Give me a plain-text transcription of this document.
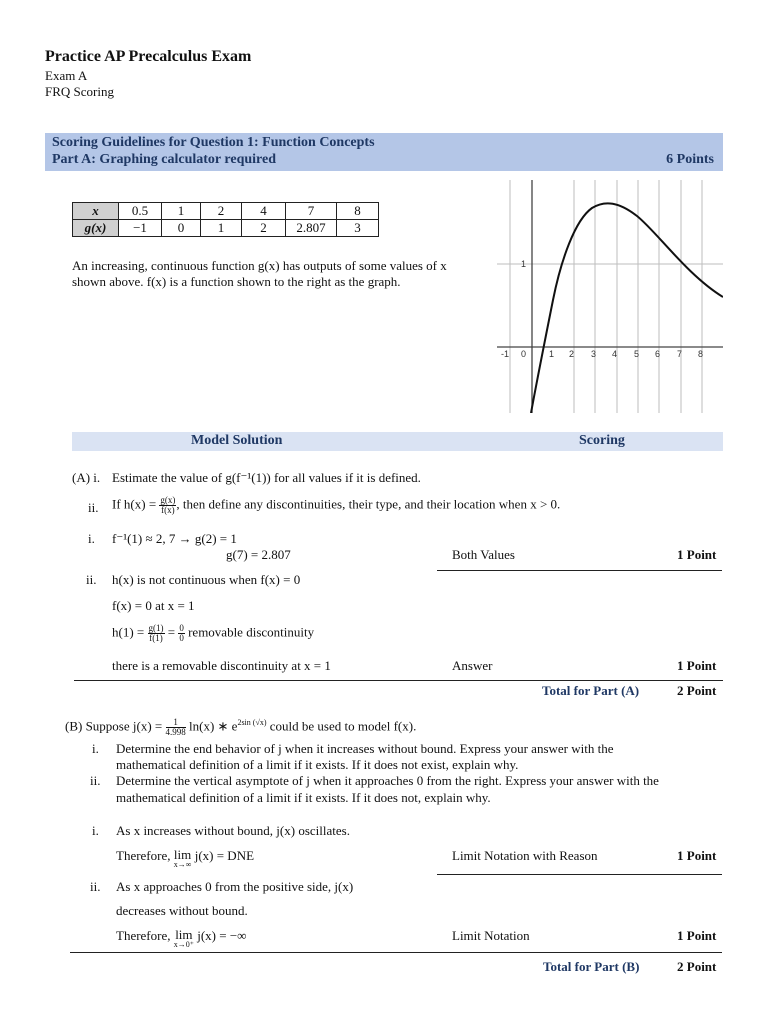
Practice AP Precalculus Exam
Exam A
FRQ Scoring
Scoring Guidelines for Question 1: Function Concepts
Part A: Graphing calculator required	6 Points
x	0.5	1	2	4	7	8
g(x)	−1	0	1	2	2.807	3
An increasing, continuous function g(x) has outputs of some values of x
shown above. f(x) is a function shown to the right as the graph.
-1 0	1 2 3 4 5 6 7 8
1
Model Solution	Scoring
(A) i. Estimate the value of g(f⁻¹(1)) for all values if it is defined.
ii. If $h(x) = \frac{g(x)}{f(x)}$ , then define any discontinuities, their type, and their location when x > 0.
i. f⁻¹(1) ≈ 2, 7 → g(2) = 1
g(7) = 2.807	Both Values	1 Point
ii. h(x) is not continuous when f(x) = 0
f(x) = 0 at x = 1
$h(1) = \frac{g(1)}{f(1)} = \frac{0}{0}$ removable discontinuity
there is a removable discontinuity at x = 1	Answer	1 Point
Total for Part (A)	2 Point
(B) Suppose $j(x) = \frac{1}{4.998} \ln(x)$ ∗ $e^{2sin (√x)}$ could be used to model f(x).
i. Determine the end behavior of j when it increases without bound. Express your answer with the
mathematical definition of a limit if it exists. If it does not exist, explain why.
ii. Determine the vertical asymptote of j when it approaches 0 from the right. Express your answer with the
mathematical definition of a limit if it exists. If it does not, explain why.
i. As x increases without bound, j(x) oscillates.
Therefore, lim
x→∞
j(x) = DNE	Limit Notation with Reason	1 Point
ii. As x approaches 0 from the positive side, j(x)
decreases without bound.
Therefore, lim
x→0⁺
j(x) = −∞	Limit Notation	1 Point
Total for Part (B)	2 Point
